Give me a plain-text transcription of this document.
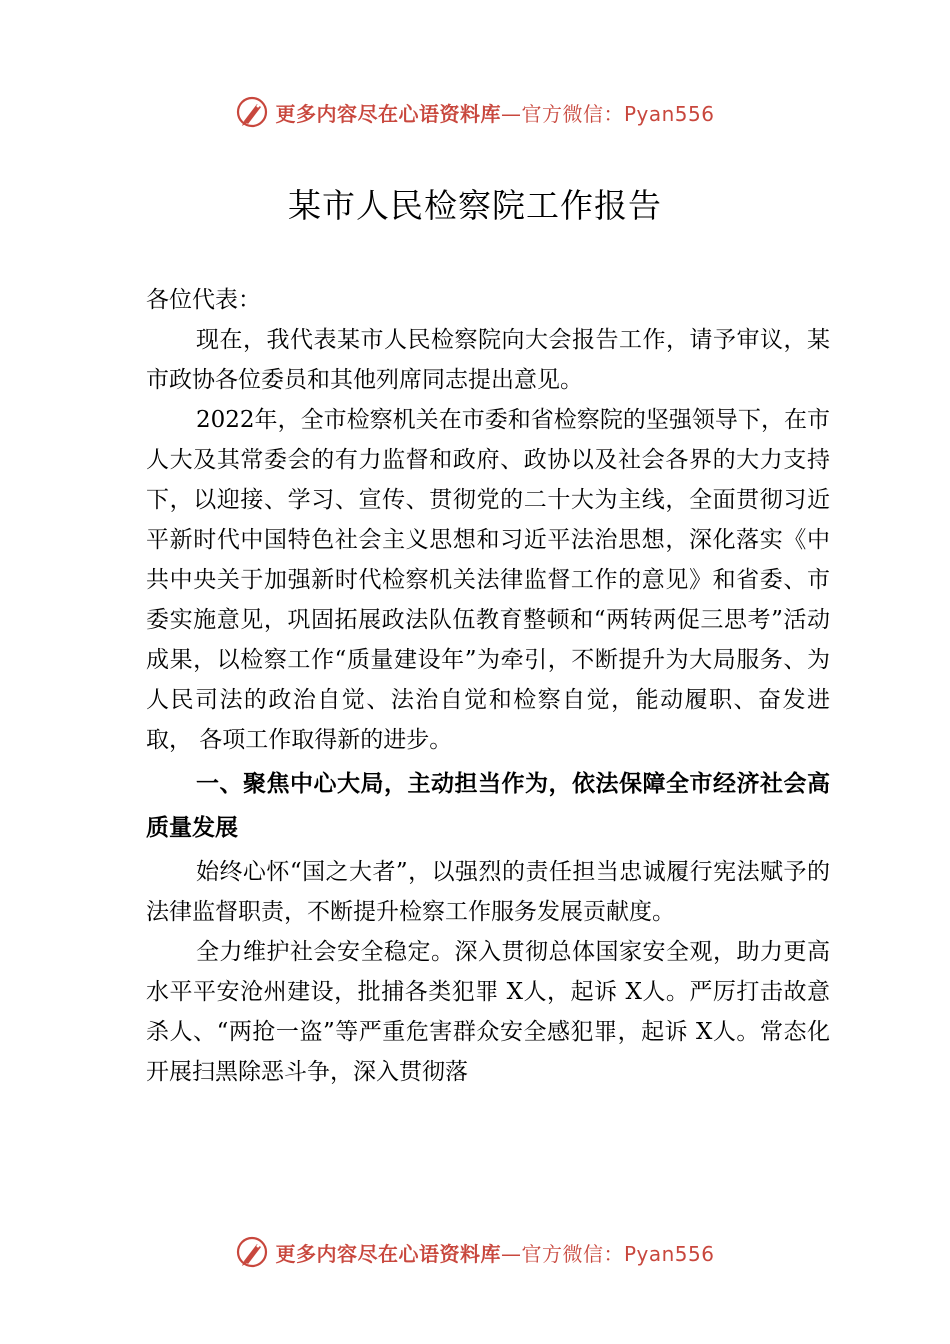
更多内容尽在心语资料库—官方微信：Pyan556
某市人民检察院工作报告

各位代表：

现在，我代表某市人民检察院向大会报告工作，请予审议，某市政协各位委员和其他列席同志提出意见。

2022年，全市检察机关在市委和省检察院的坚强领导下，在市人大及其常委会的有力监督和政府、政协以及社会各界的大力支持下，以迎接、学习、宣传、贯彻党的二十大为主线，全面贯彻习近平新时代中国特色社会主义思想和习近平法治思想，深化落实《中共中央关于加强新时代检察机关法律监督工作的意见》和省委、市委实施意见，巩固拓展政法队伍教育整顿和“两转两促三思考”活动成果，以检察工作“质量建设年”为牵引，不断提升为大局服务、为人民司法的政治自觉、法治自觉和检察自觉，能动履职、奋发进取， 各项工作取得新的进步。

一、聚焦中心大局，主动担当作为，依法保障全市经济社会高质量发展

始终心怀“国之大者”，以强烈的责任担当忠诚履行宪法赋予的法律监督职责，不断提升检察工作服务发展贡献度。

全力维护社会安全稳定。深入贯彻总体国家安全观，助力更高水平平安沧州建设，批捕各类犯罪 X人，起诉 X人。严厉打击故意杀人、“两抢一盗”等严重危害群众安全感犯罪，起诉 X人。常态化开展扫黑除恶斗争，深入贯彻落

更多内容尽在心语资料库—官方微信：Pyan556
